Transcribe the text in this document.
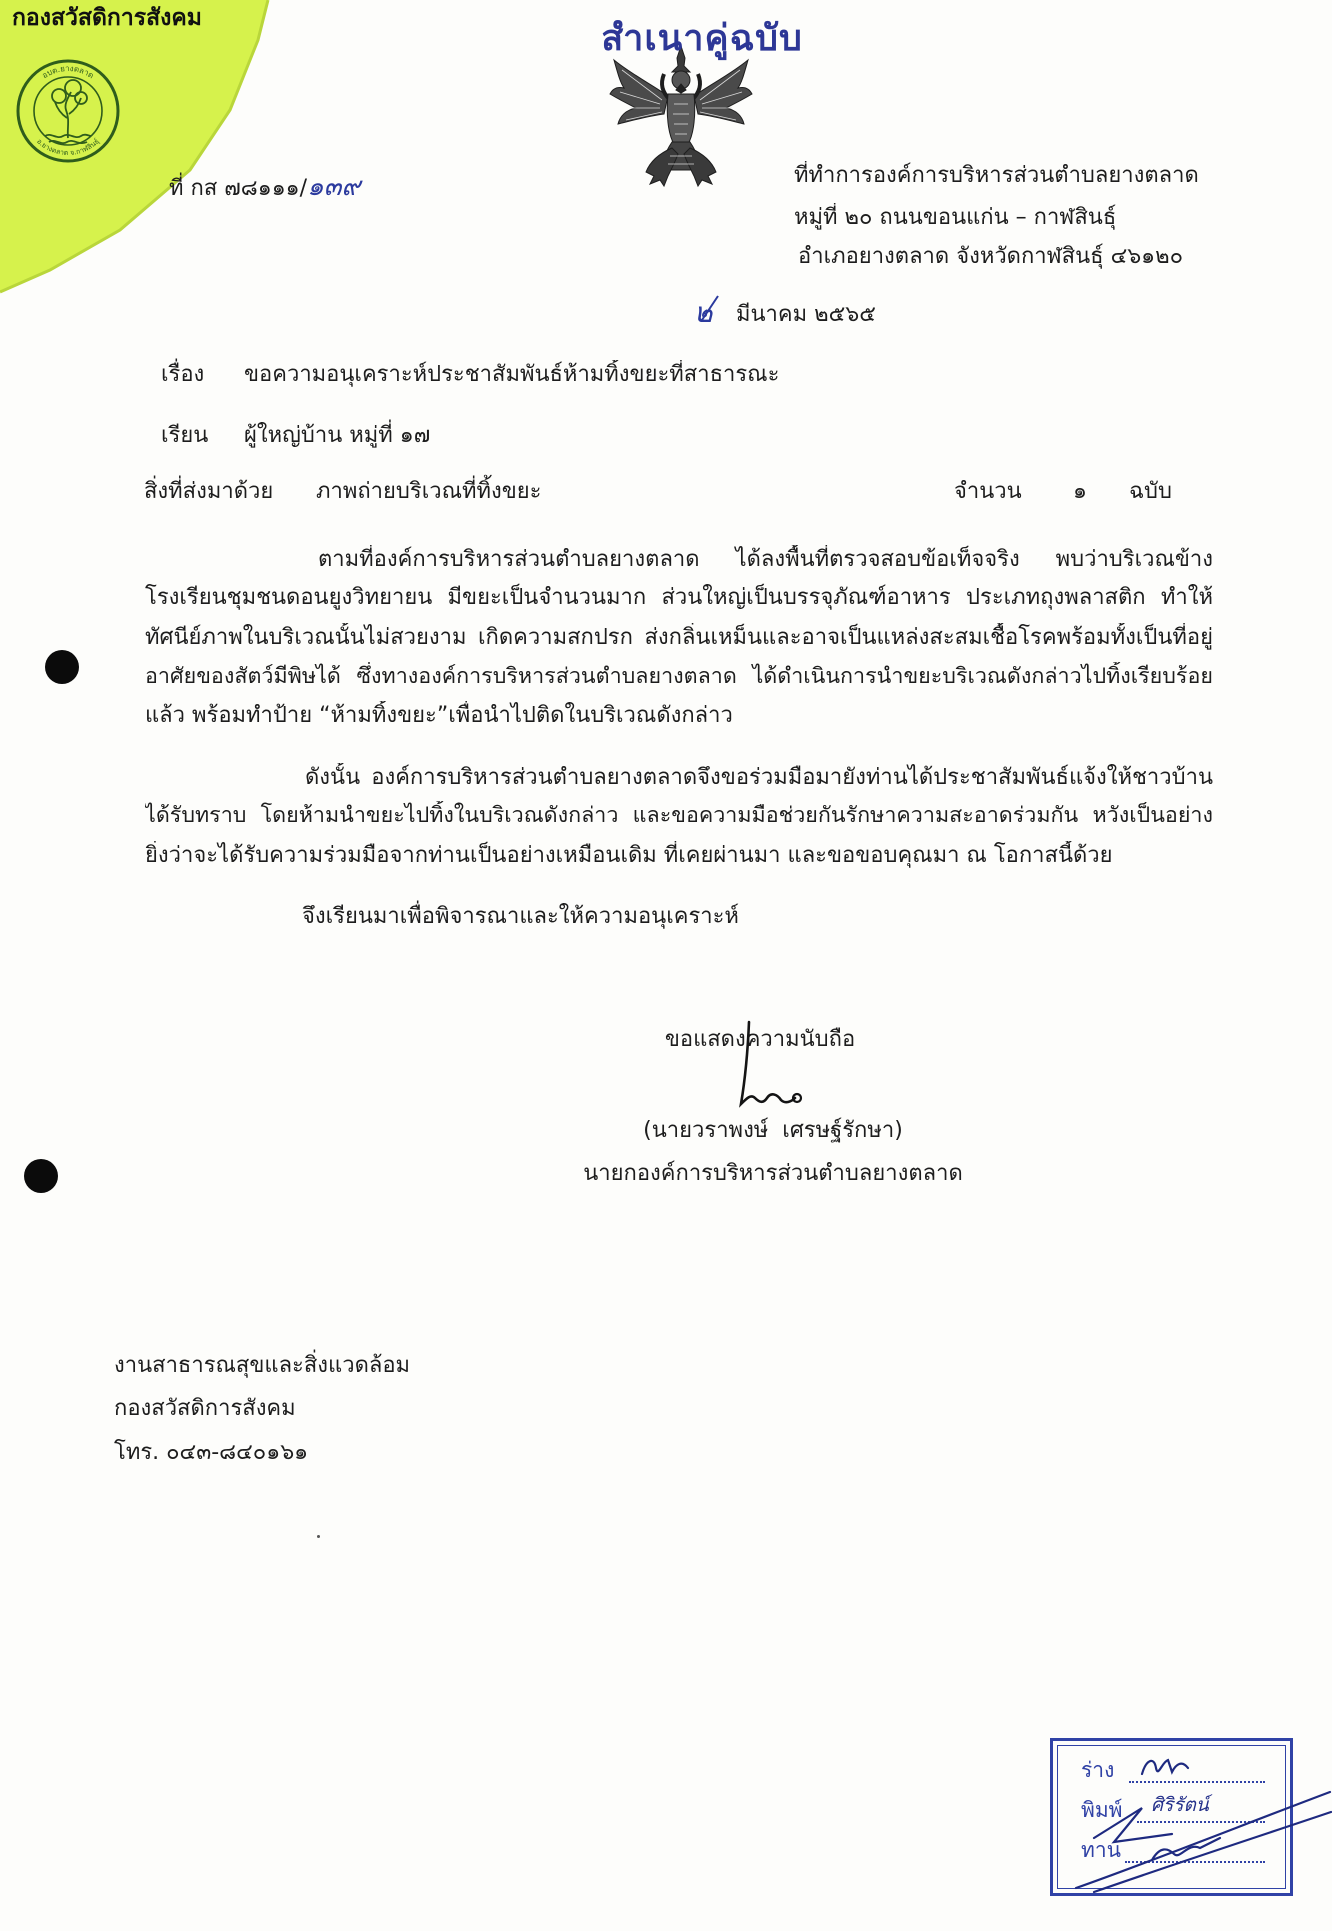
กองสวัสดิการสังคม
อบต.ยางตลาด
อ.ยางตลาด จ.กาฬสินธุ์
สำเนาคู่ฉบับ
ที่ กส ๗๘๑๑๑/๑๓๙	ที่ทำการองค์การบริหารส่วนตำบลยางตลาด
หมู่ที่ ๒๐ ถนนขอนแก่น – กาฬสินธุ์
อำเภอยางตลาด จังหวัดกาฬสินธุ์ ๔๖๑๒๐
๒ มีนาคม ๒๕๖๕
เรื่อง ขอความอนุเคราะห์ประชาสัมพันธ์ห้ามทิ้งขยะที่สาธารณะ
เรียน ผู้ใหญ่บ้าน หมู่ที่ ๑๗
สิ่งที่ส่งมาด้วย ภาพถ่ายบริเวณที่ทิ้งขยะ	จำนวน ๑ ฉบับ
ตามที่องค์การบริหารส่วนตำบลยางตลาด ได้ลงพื้นที่ตรวจสอบข้อเท็จจริง พบว่าบริเวณข้าง
โรงเรียนชุมชนดอนยูงวิทยายน มีขยะเป็นจำนวนมาก ส่วนใหญ่เป็นบรรจุภัณฑ์อาหาร ประเภทถุงพลาสติก ทำให้
ทัศนีย์ภาพในบริเวณนั้นไม่สวยงาม เกิดความสกปรก ส่งกลิ่นเหม็นและอาจเป็นแหล่งสะสมเชื้อโรคพร้อมทั้งเป็นที่อยู่
อาศัยของสัตว์มีพิษได้ ซึ่งทางองค์การบริหารส่วนตำบลยางตลาด ได้ดำเนินการนำขยะบริเวณดังกล่าวไปทิ้งเรียบร้อย
แล้ว พร้อมทำป้าย “ห้ามทิ้งขยะ”เพื่อนำไปติดในบริเวณดังกล่าว
ดังนั้น องค์การบริหารส่วนตำบลยางตลาดจึงขอร่วมมือมายังท่านได้ประชาสัมพันธ์แจ้งให้ชาวบ้าน
ได้รับทราบ โดยห้ามนำขยะไปทิ้งในบริเวณดังกล่าว และขอความมือช่วยกันรักษาความสะอาดร่วมกัน หวังเป็นอย่าง
ยิ่งว่าจะได้รับความร่วมมือจากท่านเป็นอย่างเหมือนเดิม ที่เคยผ่านมา และขอขอบคุณมา ณ โอกาสนี้ด้วย
จึงเรียนมาเพื่อพิจารณาและให้ความอนุเคราะห์
ขอแสดงความนับถือ
(นายวราพงษ์  เศรษฐ์รักษา)
นายกองค์การบริหารส่วนตำบลยางตลาด
งานสาธารณสุขและสิ่งแวดล้อม
กองสวัสดิการสังคม
โทร. ๐๔๓-๘๔๐๑๖๑
ร่าง
พิมพ์ ศิริรัตน์
ทาน
